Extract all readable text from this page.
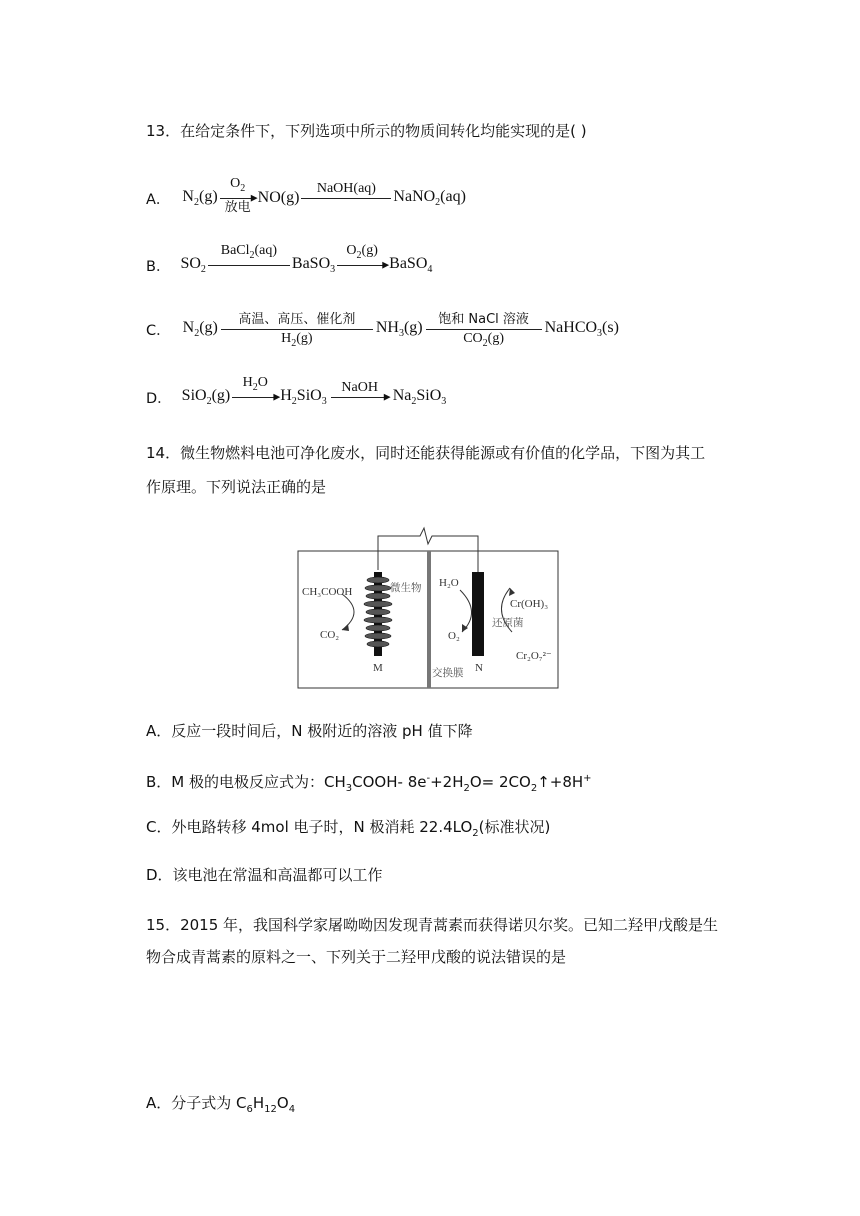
13．在给定条件下，下列选项中所示的物质间转化均能实现的是( )
A． $N_2(g)$
$O_2$
▶
放电
NO(g)
NaOH(aq)	NaNO$_2$(aq)
B． $SO_2$
BaCl$_2$(aq)
BaSO$_3$
$O_2(g)$
▶ BaSO$_4$
C． $N_2(g)$	高温、高压、催化剂
$H_2(g)$
$NH_3(g)$	饱和 NaCl 溶液
$CO_2(g)$
NaHCO$_3$(s)
D． SiO$_2$(g)
$H_2O$
▶ $H_2SiO_3$
NaOH
▶ $Na_2SiO_3$
14．微生物燃料电池可净化废水，同时还能获得能源或有价值的化学品，下图为其工
作原理。下列说法正确的是
CH₃COOH
CO₂
微生物
M	交换膜 N
H₂O
O₂
Cr(OH)₃
还原菌
Cr₂O₇²⁻
A．反应一段时间后，N 极附近的溶液 pH 值下降
B．M 极的电极反应式为：$CH_3COOH-$ $8e^-+2H_2O=$ $2CO_2↑+8H^+$
C．外电路转移 4mol 电子时，N 极消耗 $22.4LO_2$(标准状况)
D．该电池在常温和高温都可以工作
15．2015 年，我国科学家屠呦呦因发现青蒿素而获得诺贝尔奖。已知二羟甲戊酸是生
物合成青蒿素的原料之一、下列关于二羟甲戊酸的说法错误的是
A．分子式为 $C_6H_{12}O_4$
